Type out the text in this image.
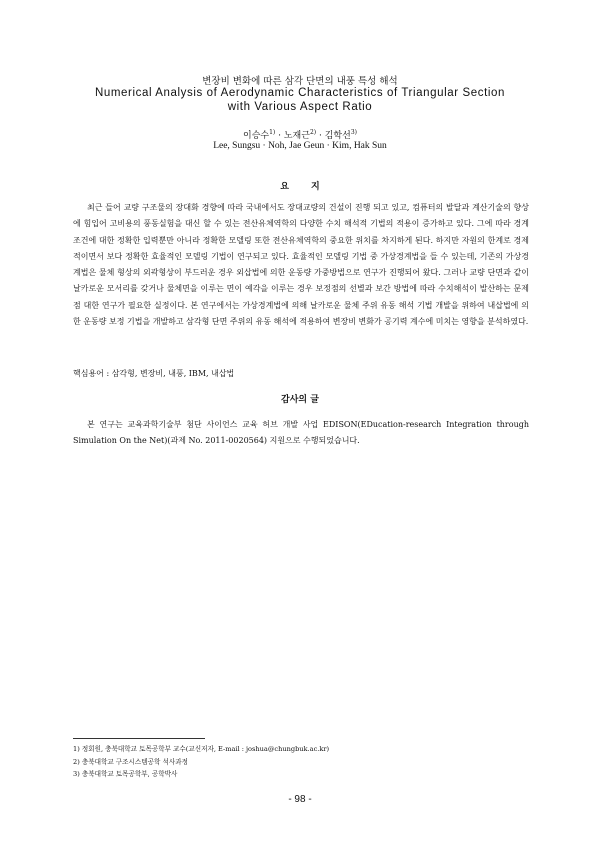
변장비 변화에 따른 삼각 단면의 내풍 특성 해석
Numerical Analysis of Aerodynamic Characteristics of Triangular Section
with Various Aspect Ratio
이승수$^{1)}$ · 노재근$^{2)}$ · 김학선$^{3)}$
Lee, Sungsu · Noh, Jae Geun · Kim, Hak Sun
요지
최근 들어 교량 구조물의 장대화 경향에 따라 국내에서도 장대교량의 건설이 진행 되고 있고, 컴퓨터의 발달과 계산기술의 향상에 힘입어 고비용의 풍동실험을 대신 할 수 있는 전산유체역학의 다양한 수치 해석적 기법의 적용이 증가하고 있다. 그에 따라 경계조건에 대한 정확한 입력뿐만 아니라 정확한 모델링 또한 전산유체역학의 중요한 위치를 차지하게 된다. 하지만 자원의 한계로 경제적이면서 보다 정확한 효율적인 모델링 기법이 연구되고 있다. 효율적인 모델링 기법 중 가상경계법을 들 수 있는데, 기존의 가상경계법은 물체 형상의 외곽형상이 부드러운 경우 외삽법에 의한 운동량 가중방법으로 연구가 진행되어 왔다. 그러나 교량 단면과 같이 날카로운 모서리를 갖거나 물체면을 이루는 면이 예각을 이루는 경우 보정점의 선별과 보간 방법에 따라 수치해석이 발산하는 문제점 대한 연구가 필요한 실정이다. 본 연구에서는 가상경계법에 의해 날카로운 물체 주위 유동 해석 기법 개발을 위하여 내삽법에 의한 운동량 보정 기법을 개발하고 삼각형 단면 주위의 유동 해석에 적용하여 변장비 변화가 공기력 계수에 미치는 영향을 분석하였다.
핵심용어 : 삼각형, 변장비, 내풍, IBM, 내삽법
감사의 글
본 연구는 교육과학기술부 첨단 사이언스 교육 허브 개발 사업 EDISON(EDucation-research Integration through Simulation On the Net)(과제 No. 2011-0020564) 지원으로 수행되었습니다.
1) 정회원, 충북대학교 토목공학부 교수(교신저자, E-mail : joshua@chungbuk.ac.kr)
2) 충북대학교 구조시스템공학 석사과정
3) 충북대학교 토목공학부, 공학박사
- 98 -
